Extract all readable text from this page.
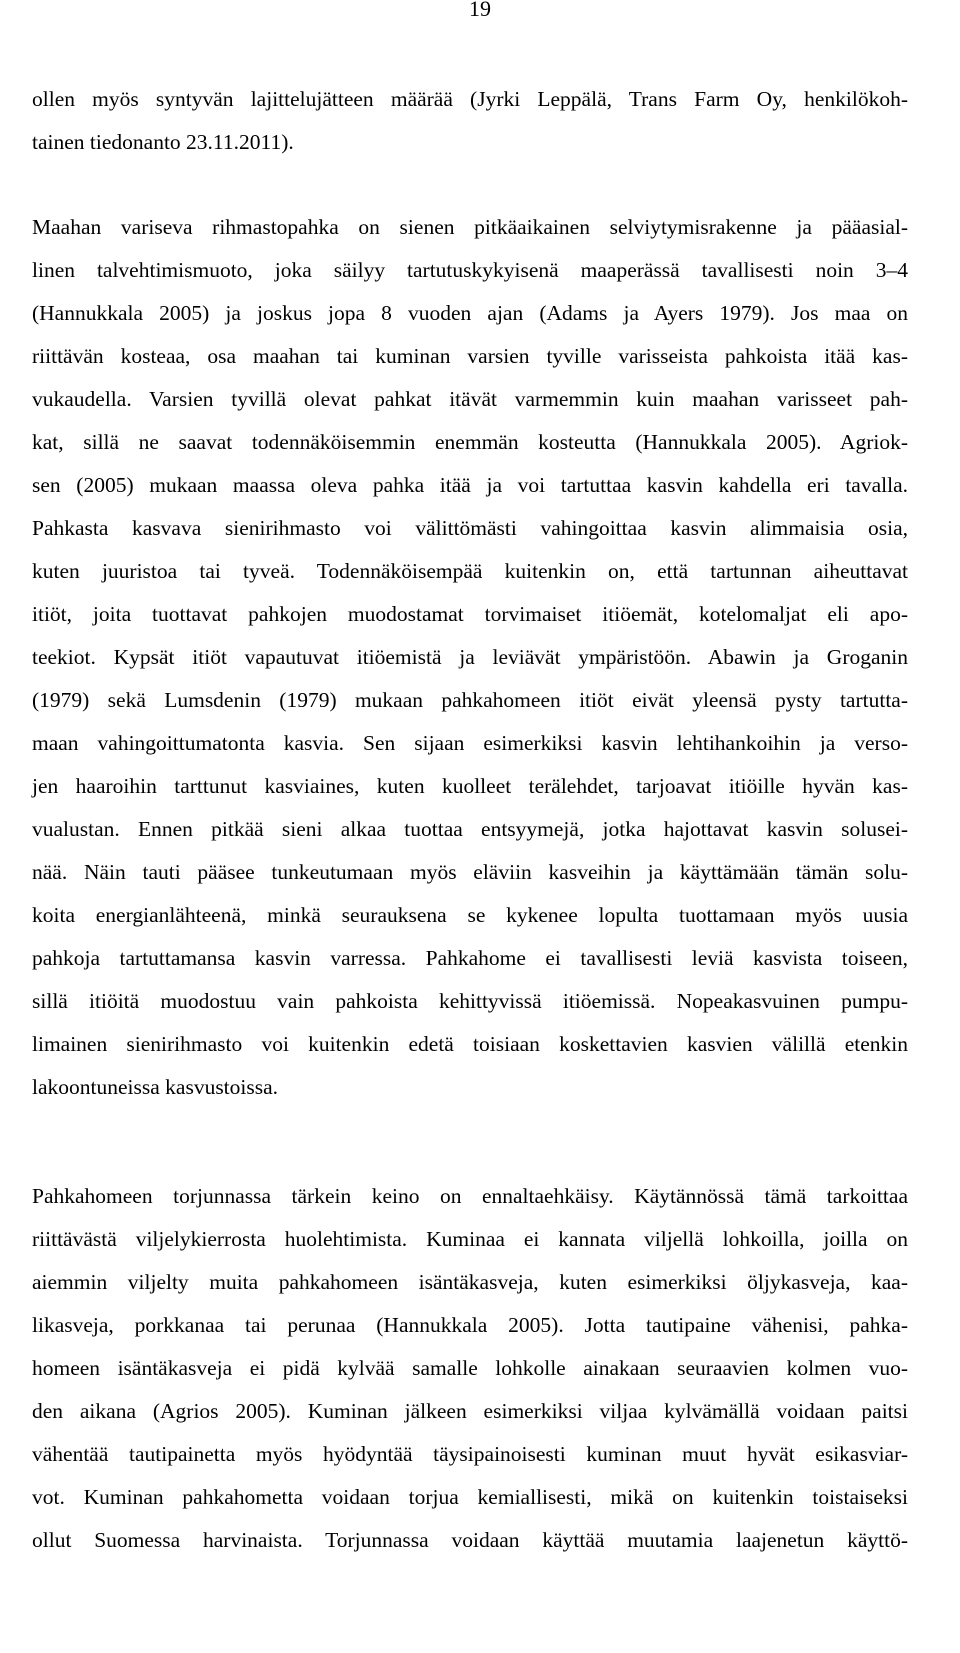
19
ollen myös syntyvän lajittelujätteen määrää (Jyrki Leppälä, Trans Farm Oy, henkilökoh-
tainen tiedonanto 23.11.2011).
Maahan variseva rihmastopahka on sienen pitkäaikainen selviytymisrakenne ja pääasial-
linen talvehtimismuoto, joka säilyy tartutuskykyisenä maaperässä tavallisesti noin 3–4
(Hannukkala 2005) ja joskus jopa 8 vuoden ajan (Adams ja Ayers 1979). Jos maa on
riittävän kosteaa, osa maahan tai kuminan varsien tyville varisseista pahkoista itää kas-
vukaudella. Varsien tyvillä olevat pahkat itävät varmemmin kuin maahan varisseet pah-
kat, sillä ne saavat todennäköisemmin enemmän kosteutta (Hannukkala 2005). Agriok-
sen (2005) mukaan maassa oleva pahka itää ja voi tartuttaa kasvin kahdella eri tavalla.
Pahkasta kasvava sienirihmasto voi välittömästi vahingoittaa kasvin alimmaisia osia,
kuten juuristoa tai tyveä. Todennäköisempää kuitenkin on, että tartunnan aiheuttavat
itiöt, joita tuottavat pahkojen muodostamat torvimaiset itiöemät, kotelomaljat eli apo-
teekiot. Kypsät itiöt vapautuvat itiöemistä ja leviävät ympäristöön. Abawin ja Groganin
(1979) sekä Lumsdenin (1979) mukaan pahkahomeen itiöt eivät yleensä pysty tartutta-
maan vahingoittumatonta kasvia. Sen sijaan esimerkiksi kasvin lehtihankoihin ja verso-
jen haaroihin tarttunut kasviaines, kuten kuolleet terälehdet, tarjoavat itiöille hyvän kas-
vualustan. Ennen pitkää sieni alkaa tuottaa entsyymejä, jotka hajottavat kasvin solusei-
nää. Näin tauti pääsee tunkeutumaan myös eläviin kasveihin ja käyttämään tämän solu-
koita energianlähteenä, minkä seurauksena se kykenee lopulta tuottamaan myös uusia
pahkoja tartuttamansa kasvin varressa. Pahkahome ei tavallisesti leviä kasvista toiseen,
sillä itiöitä muodostuu vain pahkoista kehittyvissä itiöemissä. Nopeakasvuinen pumpu-
limainen sienirihmasto voi kuitenkin edetä toisiaan koskettavien kasvien välillä etenkin
lakoontuneissa kasvustoissa.
Pahkahomeen torjunnassa tärkein keino on ennaltaehkäisy. Käytännössä tämä tarkoittaa
riittävästä viljelykierrosta huolehtimista. Kuminaa ei kannata viljellä lohkoilla, joilla on
aiemmin viljelty muita pahkahomeen isäntäkasveja, kuten esimerkiksi öljykasveja, kaa-
likasveja, porkkanaa tai perunaa (Hannukkala 2005). Jotta tautipaine vähenisi, pahka-
homeen isäntäkasveja ei pidä kylvää samalle lohkolle ainakaan seuraavien kolmen vuo-
den aikana (Agrios 2005). Kuminan jälkeen esimerkiksi viljaa kylvämällä voidaan paitsi
vähentää tautipainetta myös hyödyntää täysipainoisesti kuminan muut hyvät esikasviar-
vot. Kuminan pahkahometta voidaan torjua kemiallisesti, mikä on kuitenkin toistaiseksi
ollut Suomessa harvinaista. Torjunnassa voidaan käyttää muutamia laajenetun käyttö-
